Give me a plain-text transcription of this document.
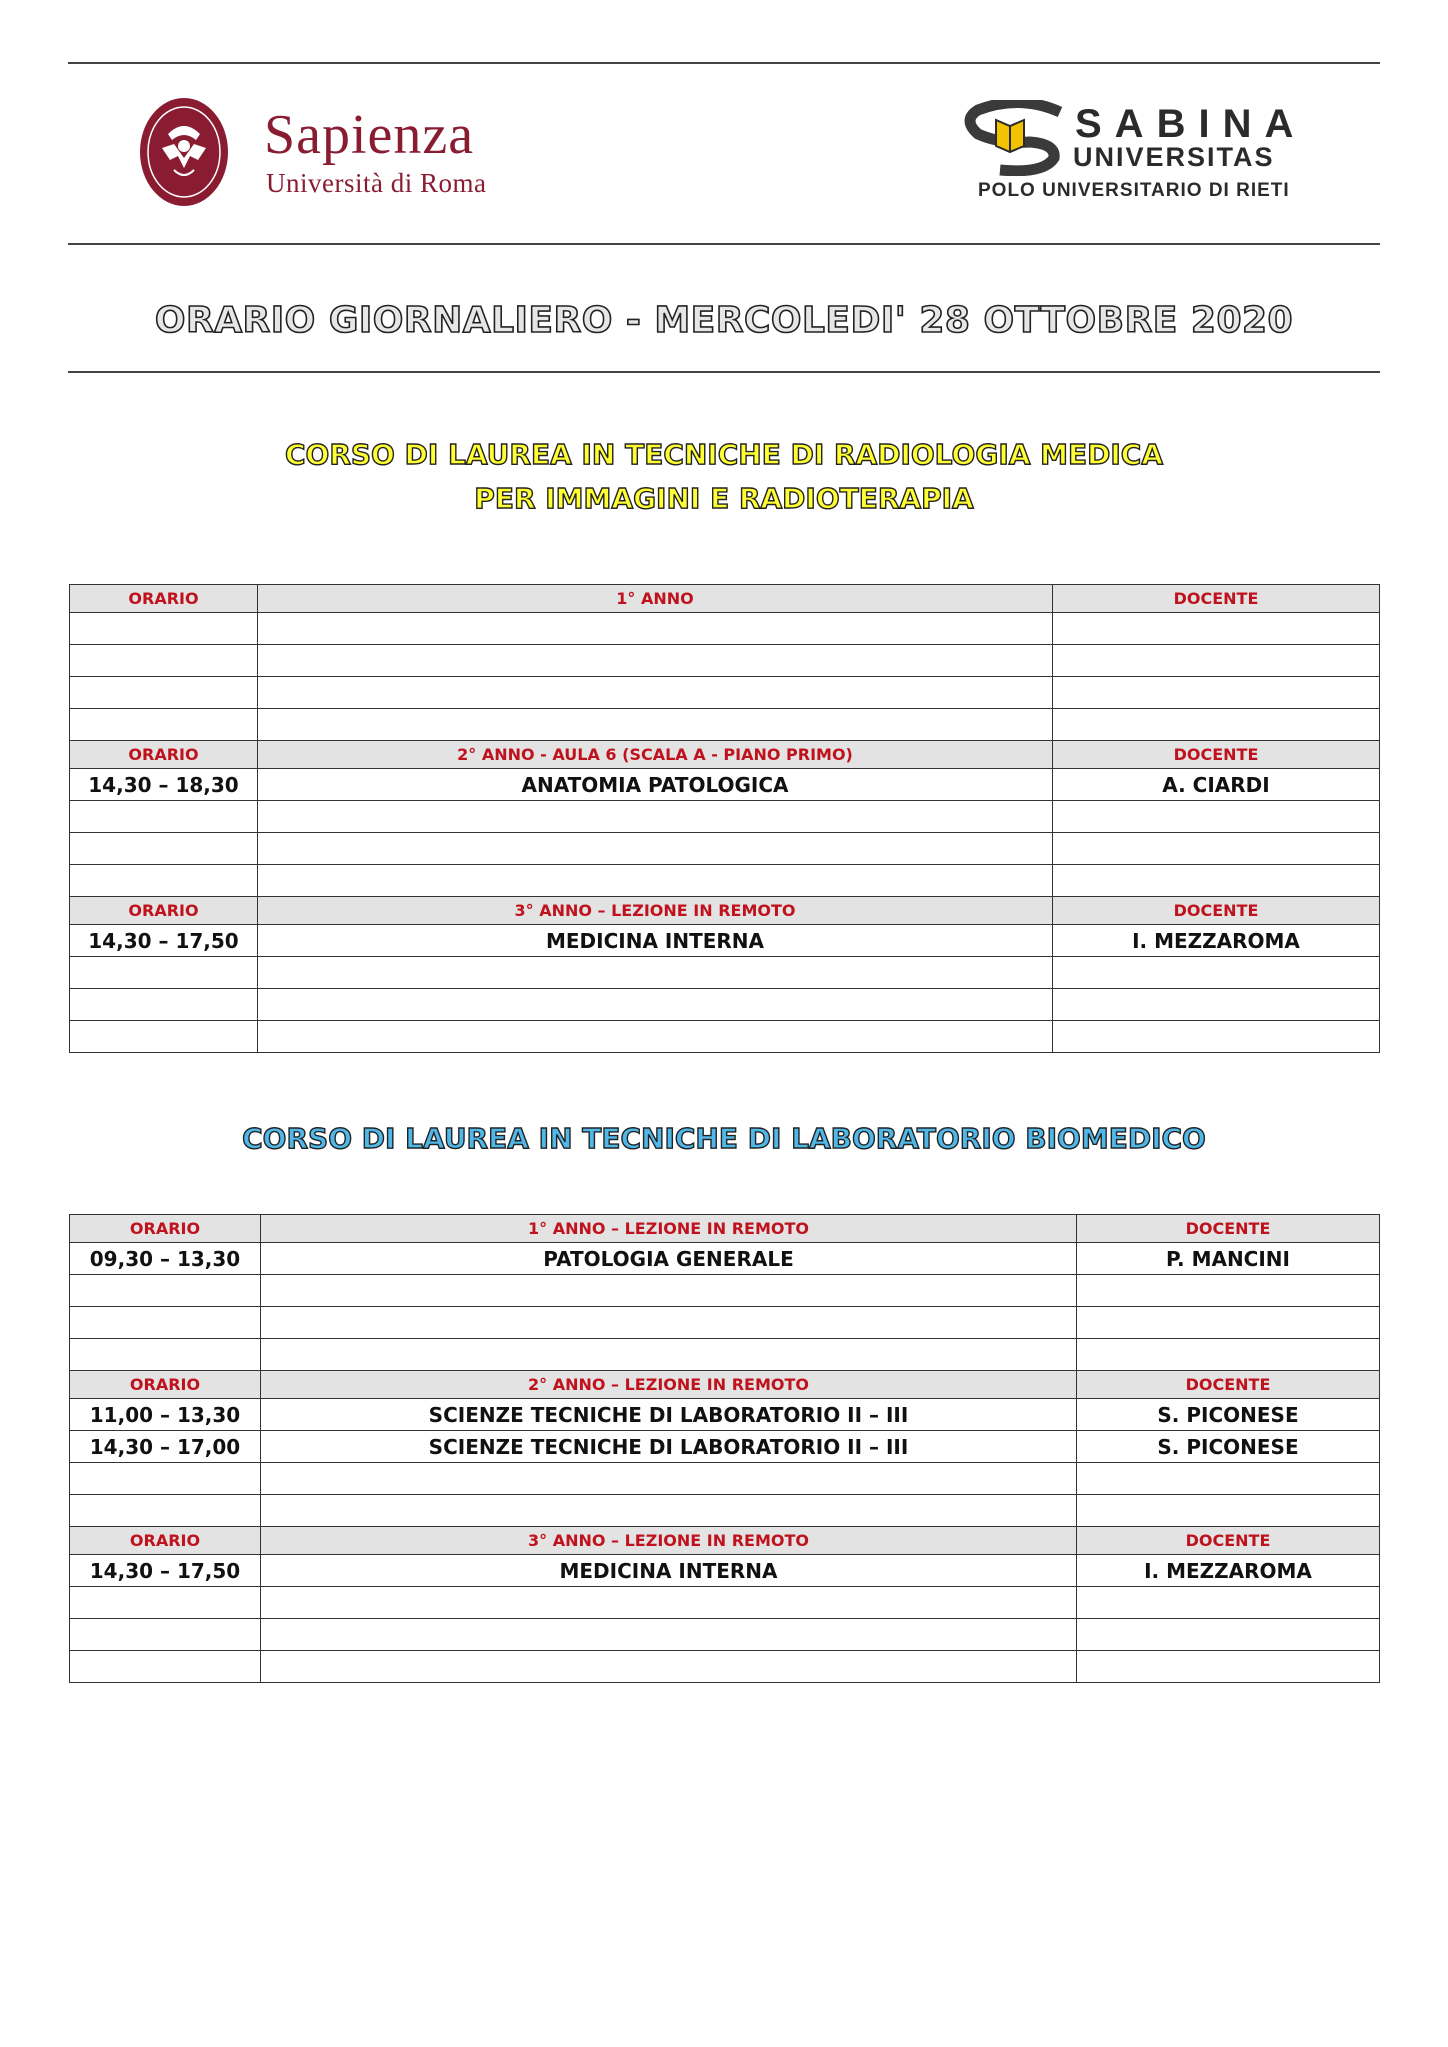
Sapienza
Università di Roma
SABINA
UNIVERSITAS
POLO UNIVERSITARIO DI RIETI
ORARIO GIORNALIERO - MERCOLEDI' 28 OTTOBRE 2020
CORSO DI LAUREA IN TECNICHE DI RADIOLOGIA MEDICA
PER IMMAGINI E RADIOTERAPIA
ORARIO	1° ANNO	DOCENTE

ORARIO	2° ANNO - AULA 6 (SCALA A - PIANO PRIMO)	DOCENTE
14,30 – 18,30	ANATOMIA PATOLOGICA	A. CIARDI

ORARIO	3° ANNO – LEZIONE IN REMOTO	DOCENTE
14,30 – 17,50	MEDICINA INTERNA	I. MEZZAROMA

CORSO DI LAUREA IN TECNICHE DI LABORATORIO BIOMEDICO
ORARIO	1° ANNO – LEZIONE IN REMOTO	DOCENTE
09,30 – 13,30	PATOLOGIA GENERALE	P. MANCINI

ORARIO	2° ANNO – LEZIONE IN REMOTO	DOCENTE
11,00 – 13,30	SCIENZE TECNICHE DI LABORATORIO II – III	S. PICONESE
14,30 – 17,00	SCIENZE TECNICHE DI LABORATORIO II – III	S. PICONESE

ORARIO	3° ANNO – LEZIONE IN REMOTO	DOCENTE
14,30 – 17,50	MEDICINA INTERNA	I. MEZZAROMA
